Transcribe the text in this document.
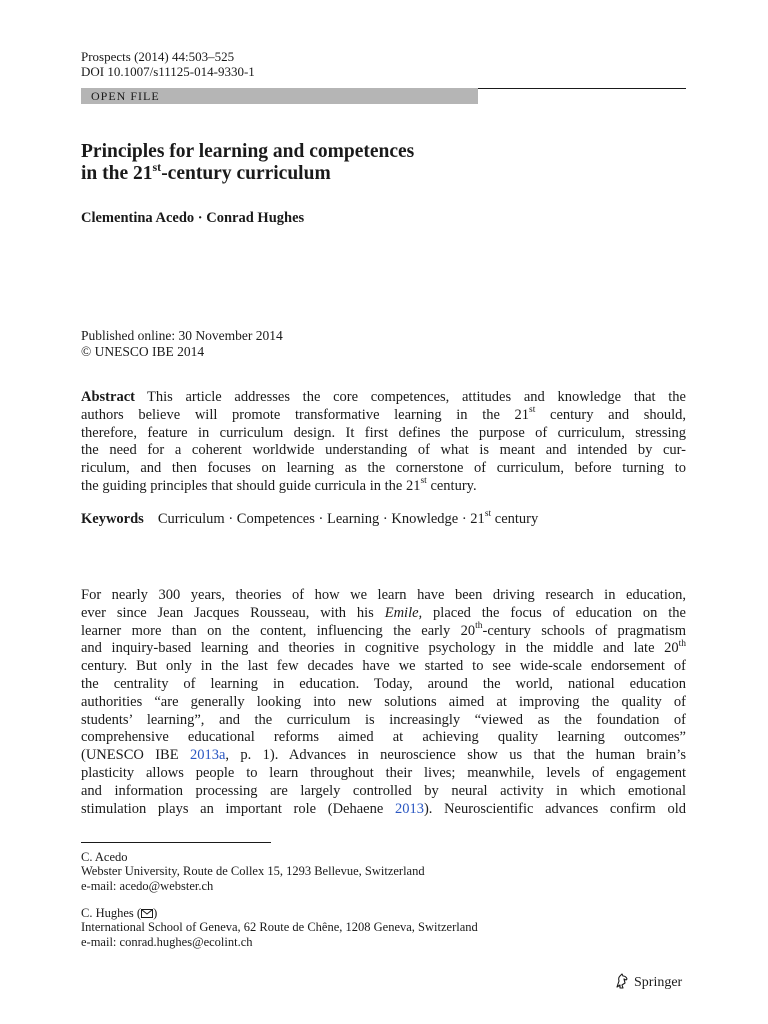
Prospects (2014) 44:503–525
DOI 10.1007/s11125-014-9330-1
OPEN FILE
Principles for learning and competences
in the 21st-century curriculum
Clementina Acedo · Conrad Hughes
Published online: 30 November 2014
© UNESCO IBE 2014
Abstract This article addresses the core competences, attitudes and knowledge that the
authors believe will promote transformative learning in the 21st century and should,
therefore, feature in curriculum design. It first defines the purpose of curriculum, stressing
the need for a coherent worldwide understanding of what is meant and intended by cur-
riculum, and then focuses on learning as the cornerstone of curriculum, before turning to
the guiding principles that should guide curricula in the 21st century.
Keywords Curriculum · Competences · Learning · Knowledge · 21st century
For nearly 300 years, theories of how we learn have been driving research in education,
ever since Jean Jacques Rousseau, with his Emile, placed the focus of education on the
learner more than on the content, influencing the early 20th-century schools of pragmatism
and inquiry-based learning and theories in cognitive psychology in the middle and late 20th
century. But only in the last few decades have we started to see wide-scale endorsement of
the centrality of learning in education. Today, around the world, national education
authorities “are generally looking into new solutions aimed at improving the quality of
students’ learning”, and the curriculum is increasingly “viewed as the foundation of
comprehensive educational reforms aimed at achieving quality learning outcomes”
(UNESCO IBE 2013a, p. 1). Advances in neuroscience show us that the human brain’s
plasticity allows people to learn throughout their lives; meanwhile, levels of engagement
and information processing are largely controlled by neural activity in which emotional
stimulation plays an important role (Dehaene 2013). Neuroscientific advances confirm old
C. Acedo
Webster University, Route de Collex 15, 1293 Bellevue, Switzerland
e-mail: acedo@webster.ch
C. Hughes ( )
International School of Geneva, 62 Route de Chêne, 1208 Geneva, Switzerland
e-mail: conrad.hughes@ecolint.ch
Springer
